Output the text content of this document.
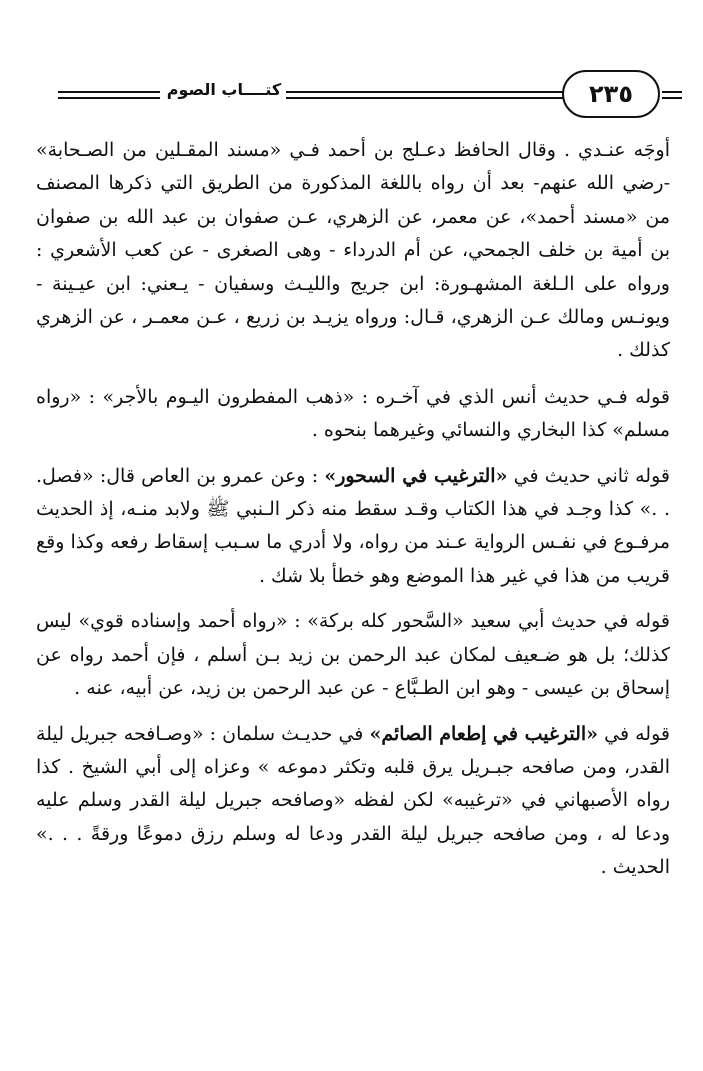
كتــــاب الصوم	٢٣٥

أوجَه عنـدي . وقال الحافظ دعـلج بن أحمد فـي «مسند المقـلين من الصـحابة» -رضي الله عنهم- بعد أن رواه باللغة المذكورة من الطريق التي ذكرها المصنف من «مسند أحمد»، عن معمر، عن الزهري، عـن صفوان بن عبد الله بن صفوان بن أمية بن خلف الجمحي، عن أم الدرداء - وهى الصغرى - عن كعب الأشعري : ورواه على الـلغة المشهـورة: ابن جريج والليـث وسفيان - يـعني: ابن عيـينة - ويونـس ومالك عـن الزهري، قـال: ورواه يزيـد بن زريع ، عـن معمـر ، عن الزهري كذلك .

قوله فـي حديث أنس الذي في آخـره : «ذهب المفطرون اليـوم بالأجر» : «رواه مسلم» كذا البخاري والنسائي وغيرهما بنحوه .

قوله ثاني حديث في «الترغيب في السحور» : وعن عمرو بن العاص قال: «فصل. . .» كذا وجـد في هذا الكتاب وقـد سقط منه ذكر الـنبي ﷺ ولابد منـه، إذ الحديث مرفـوع في نفـس الرواية عـند من رواه، ولا أدري ما سـبب إسقاط رفعه وكذا وقع قريب من هذا في غير هذا الموضع وهو خطأ بلا شك .

قوله في حديث أبي سعيد «السَّحور كله بركة» : «رواه أحمد وإسناده قوي» ليس كذلك؛ بل هو ضـعيف لمكان عبد الرحمن بن زيد بـن أسلم ، فإن أحمد رواه عن إسحاق بن عيسى - وهو ابن الطـبَّاع - عن عبد الرحمن بن زيد، عن أبيه، عنه .

قوله في «الترغيب في إطعام الصائم» في حديـث سلمان : «وصـافحه جبريل ليلة القدر، ومن صافحه جبـريل يرق قلبه وتكثر دموعه » وعزاه إلى أبي الشيخ . كذا رواه الأصبهاني في «ترغيبه» لكن لفظه «وصافحه جبريل ليلة القدر وسلم عليه ودعا له ، ومن صافحه جبريل ليلة القدر ودعا له وسلم رزق دموعًا ورقةً . . .» الحديث .
